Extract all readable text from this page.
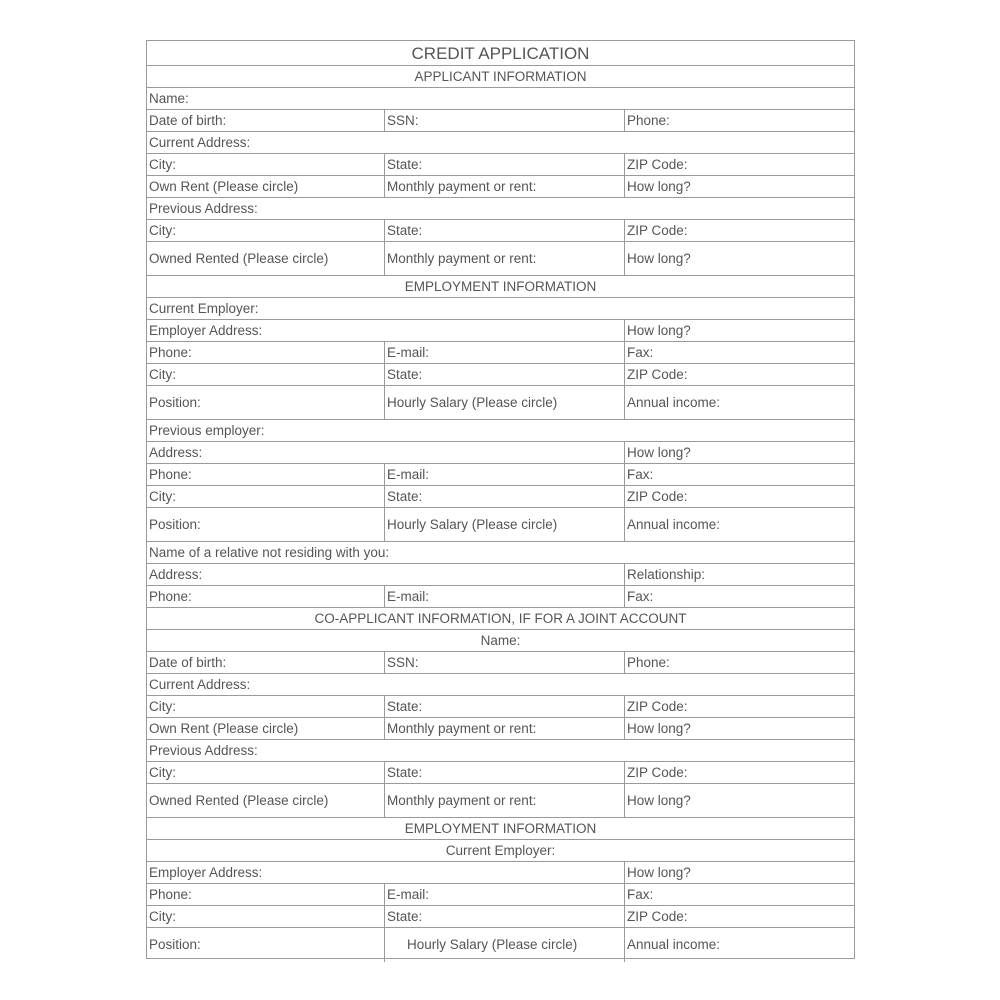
CREDIT APPLICATION
APPLICANT INFORMATION
Name:
Date of birth:	SSN:	Phone:
Current Address:
City:	State:	ZIP Code:
Own Rent (Please circle)	Monthly payment or rent:	How long?
Previous Address:
City:	State:	ZIP Code:
Owned Rented (Please circle)	Monthly payment or rent:	How long?
EMPLOYMENT INFORMATION
Current Employer:
Employer Address:	How long?
Phone:	E-mail:	Fax:
City:	State:	ZIP Code:
Position:	Hourly Salary (Please circle)	Annual income:
Previous employer:
Address:	How long?
Phone:	E-mail:	Fax:
City:	State:	ZIP Code:
Position:	Hourly Salary (Please circle)	Annual income:
Name of a relative not residing with you:
Address:	Relationship:
Phone:	E-mail:	Fax:
CO-APPLICANT INFORMATION, IF FOR A JOINT ACCOUNT
Name:
Date of birth:	SSN:	Phone:
Current Address:
City:	State:	ZIP Code:
Own Rent (Please circle)	Monthly payment or rent:	How long?
Previous Address:
City:	State:	ZIP Code:
Owned Rented (Please circle)	Monthly payment or rent:	How long?
EMPLOYMENT INFORMATION
Current Employer:
Employer Address:	How long?
Phone:	E-mail:	Fax:
City:	State:	ZIP Code:
Position:	Hourly Salary (Please circle)	Annual income:
